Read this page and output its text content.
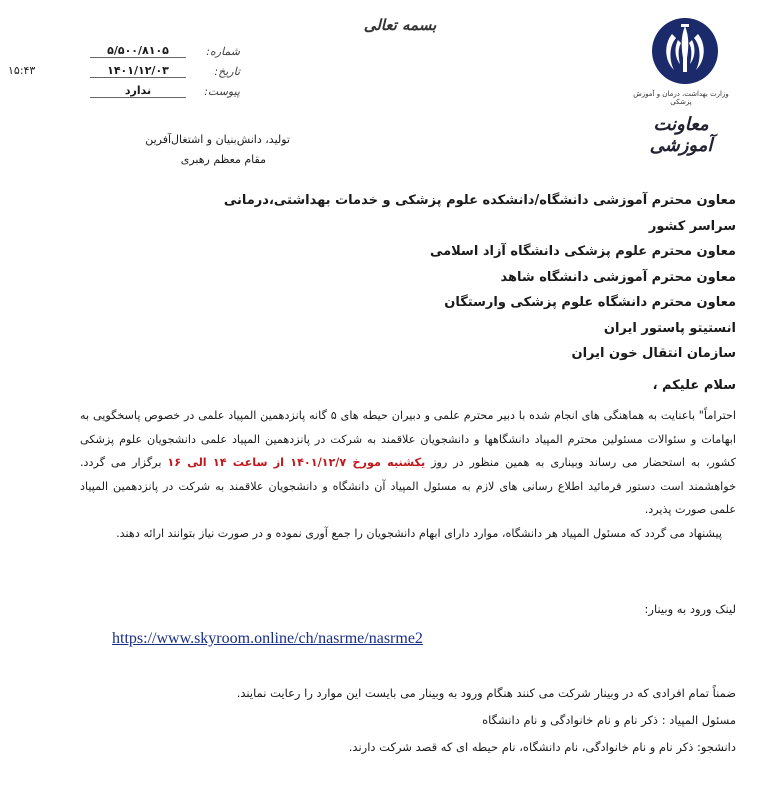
بسمه تعالی
۱۵:۴۳
شماره:
۵/۵۰۰/۸۱۰۵
تاریخ:
۱۴۰۱/۱۲/۰۳
پیوست:
ندارد
تولید، دانش‌بنیان و اشتغال‌آفرین
مقام معظم رهبری
وزارت بهداشت، درمان و آموزش پزشکی
معاونت آموزشی
معاون محترم آموزشی دانشگاه/دانشکده علوم پزشکی و خدمات بهداشتی،درمانی سراسر کشور
معاون محترم علوم پزشکی دانشگاه آزاد اسلامی
معاون محترم آموزشی دانشگاه شاهد
معاون محترم دانشگاه علوم پزشکی وارستگان
انستیتو پاستور ایران
سازمان انتقال خون ایران
سلام علیکم ،

احتراماً" باعنایت به هماهنگی های انجام شده با دبیر محترم علمی و دبیران حیطه های ۵ گانه پانزدهمین المپیاد علمی در خصوص پاسخگویی به ابهامات و سئوالات مسئولین محترم المپیاد دانشگاهها و دانشجویان علاقمند به شرکت در پانزدهمین المپیاد علمی دانشجویان علوم پزشکی کشور، به استحضار می رساند وبیناری به همین منظور در روز یکشنبه مورخ ۱۴۰۱/۱۲/۷ از ساعت ۱۴ الی ۱۶ برگزار می گردد. خواهشمند است دستور فرمائید اطلاع رسانی های لازم به مسئول المپیاد آن دانشگاه و دانشجویان علاقمند به شرکت در پانزدهمین المپیاد علمی صورت پذیرد.

پیشنهاد می گردد که مسئول المپیاد هر دانشگاه، موارد دارای ابهام دانشجویان را جمع آوری نموده و در صورت نیاز بتوانند ارائه دهند.

لینک ورود به وبینار:
https://www.skyroom.online/ch/nasrme/nasrme2

ضمناً تمام افرادی که در وبینار شرکت می کنند هنگام ورود به وبینار می بایست این موارد را رعایت نمایند.

مسئول المپیاد : ذکر نام و نام خانوادگی و نام دانشگاه

دانشجو: ذکر نام و نام خانوادگی، نام دانشگاه، نام حیطه ای که قصد شرکت دارند.
